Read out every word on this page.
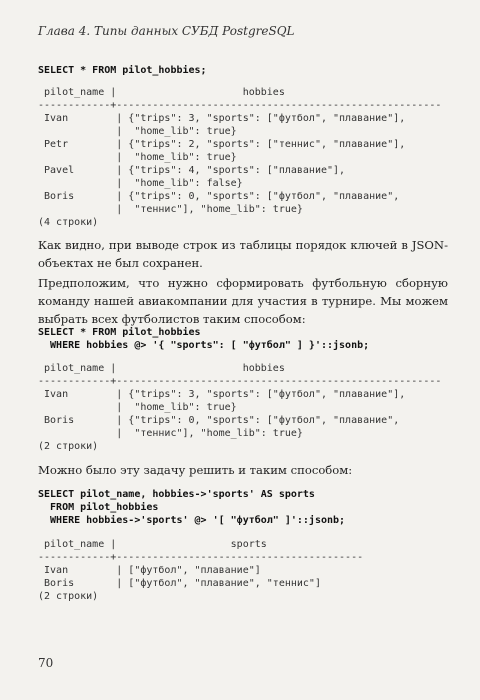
Глава 4. Типы данных СУБД PostgreSQL
SELECT * FROM pilot_hobbies;
pilot_name |                     hobbies
------------+------------------------------------------------------
Ivan        | {"trips": 3, "sports": ["футбол", "плавание"],
|  "home_lib": true}
Petr        | {"trips": 2, "sports": ["теннис", "плавание"],
|  "home_lib": true}
Pavel       | {"trips": 4, "sports": ["плавание"],
|  "home_lib": false}
Boris       | {"trips": 0, "sports": ["футбол", "плавание",
|  "теннис"], "home_lib": true}
(4 строки)
Как видно, при выводе строк из таблицы порядок ключей в JSON-объектах не был сохранен.
Предположим, что нужно сформировать футбольную сборную команду нашей авиакомпании для участия в турнире. Мы можем выбрать всех футболистов таким способом:
SELECT * FROM pilot_hobbies
WHERE hobbies @> '{ "sports": [ "футбол" ] }'::jsonb;
pilot_name |                     hobbies
------------+------------------------------------------------------
Ivan        | {"trips": 3, "sports": ["футбол", "плавание"],
|  "home_lib": true}
Boris       | {"trips": 0, "sports": ["футбол", "плавание",
|  "теннис"], "home_lib": true}
(2 строки)
Можно было эту задачу решить и таким способом:
SELECT pilot_name, hobbies->'sports' AS sports
FROM pilot_hobbies
WHERE hobbies->'sports' @> '[ "футбол" ]'::jsonb;
pilot_name |                   sports
------------+-----------------------------------------
Ivan        | ["футбол", "плавание"]
Boris       | ["футбол", "плавание", "теннис"]
(2 строки)
70
